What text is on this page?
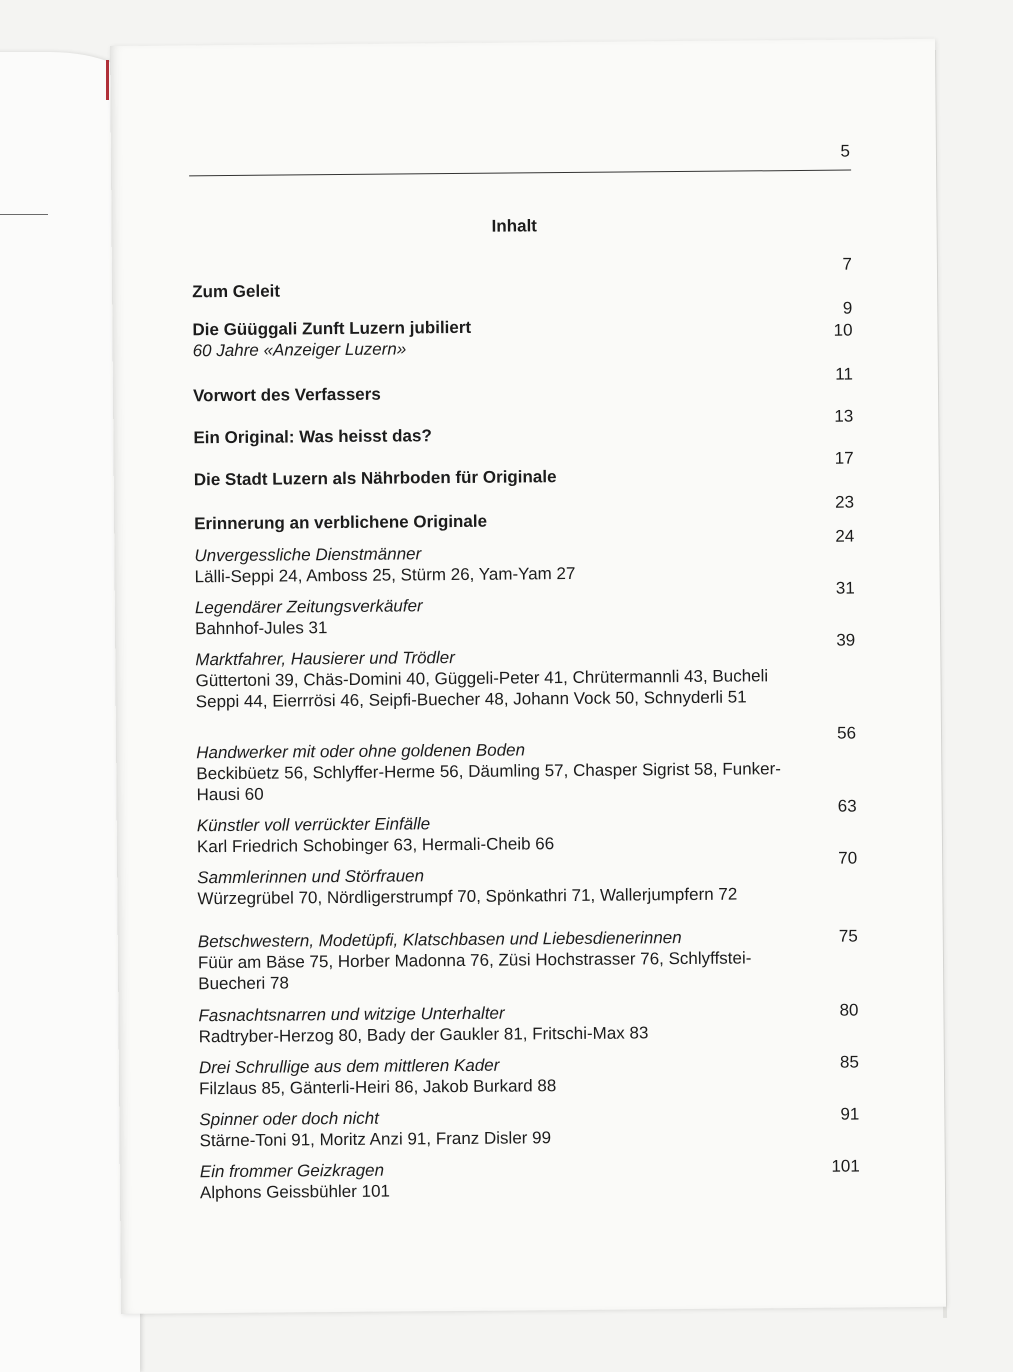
5
Inhalt
Zum Geleit
7
Die Güüggali Zunft Luzern jubiliert
60 Jahre «Anzeiger Luzern»
9
10
Vorwort des Verfassers
11
Ein Original: Was heisst das?
13
Die Stadt Luzern als Nährboden für Originale
17
Erinnerung an verblichene Originale
23
Unvergessliche Dienstmänner
Lälli-Seppi 24, Amboss 25, Stürm 26, Yam-Yam 27
24
Legendärer Zeitungsverkäufer
Bahnhof-Jules 31
31
Marktfahrer, Hausierer und Trödler
Güttertoni 39, Chäs-Domini 40, Güggeli-Peter 41, Chrütermannli 43, Bucheli Seppi 44, Eierrrösi 46, Seipfi-Buecher 48, Johann Vock 50, Schnyderli 51
39
Handwerker mit oder ohne goldenen Boden
Beckibüetz 56, Schlyffer-Herme 56, Däumling 57, Chasper Sigrist 58, Funker-Hausi 60
56
Künstler voll verrückter Einfälle
Karl Friedrich Schobinger 63, Hermali-Cheib 66
63
Sammlerinnen und Störfrauen
Würzegrübel 70, Nördligerstrumpf 70, Spönkathri 71, Wallerjumpfern 72
70
Betschwestern, Modetüpfi, Klatschbasen und Liebesdienerinnen
Füür am Bäse 75, Horber Madonna 76, Züsi Hochstrasser 76, Schlyffstei-Buecheri 78
75
Fasnachtsnarren und witzige Unterhalter
Radtryber-Herzog 80, Bady der Gaukler 81, Fritschi-Max 83
80
Drei Schrullige aus dem mittleren Kader
Filzlaus 85, Gänterli-Heiri 86, Jakob Burkard 88
85
Spinner oder doch nicht
Stärne-Toni 91, Moritz Anzi 91, Franz Disler 99
91
Ein frommer Geizkragen
Alphons Geissbühler 101
101
